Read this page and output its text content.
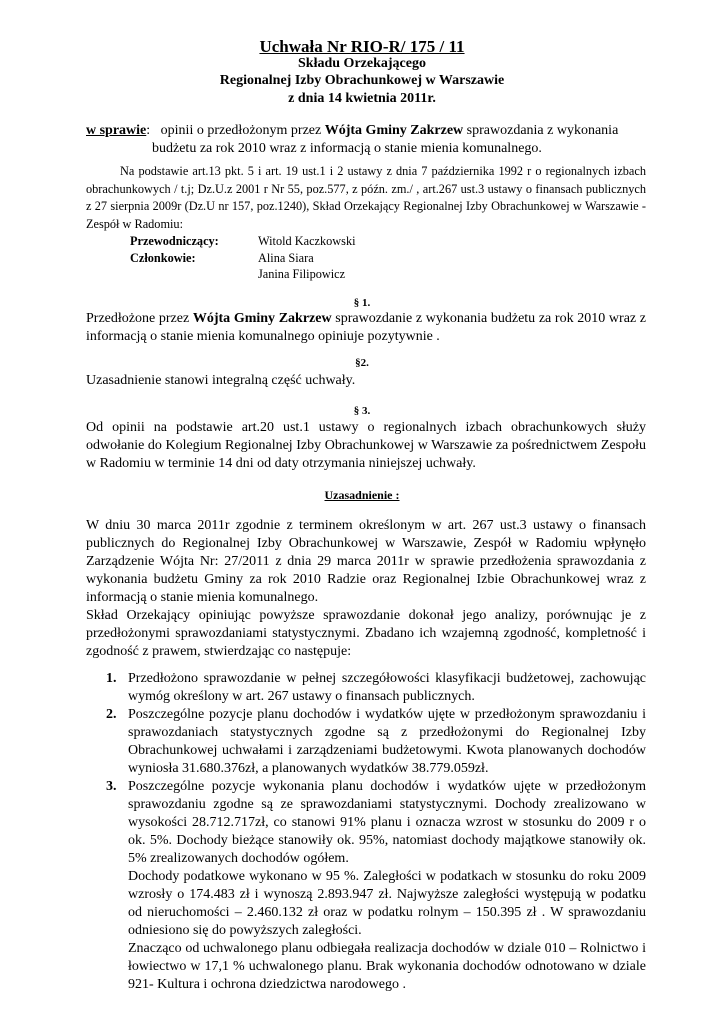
Uchwała Nr RIO-R/ 175 / 11
Składu Orzekającego
Regionalnej Izby Obrachunkowej w Warszawie
z dnia 14 kwietnia 2011r.
w sprawie:   opinii o przedłożonym przez Wójta Gminy Zakrzew sprawozdania z wykonania
budżetu za rok 2010 wraz z informacją o stanie mienia komunalnego.
Na podstawie art.13 pkt. 5 i art. 19 ust.1 i 2 ustawy z dnia 7 października 1992 r o regionalnych izbach obrachunkowych / t.j; Dz.U.z 2001 r Nr 55, poz.577, z późn. zm./ , art.267 ust.3 ustawy o finansach publicznych z 27 sierpnia 2009r (Dz.U nr 157, poz.1240), Skład Orzekający Regionalnej Izby Obrachunkowej w Warszawie - Zespół w Radomiu:
Przewodniczący:	Witold Kaczkowski
Członkowie:	Alina Siara
Janina Filipowicz
§ 1.
Przedłożone przez Wójta Gminy Zakrzew sprawozdanie z wykonania budżetu za rok 2010 wraz z informacją o stanie mienia komunalnego opiniuje pozytywnie .
§2.
Uzasadnienie stanowi integralną część uchwały.
§ 3.
Od opinii na podstawie art.20 ust.1 ustawy o regionalnych izbach obrachunkowych służy odwołanie do Kolegium Regionalnej Izby Obrachunkowej w Warszawie za pośrednictwem Zespołu w Radomiu w terminie 14 dni od daty otrzymania niniejszej uchwały.
Uzasadnienie :
W dniu 30 marca 2011r zgodnie z terminem określonym w art. 267 ust.3 ustawy o finansach publicznych do Regionalnej Izby Obrachunkowej w Warszawie, Zespół w Radomiu wpłynęło Zarządzenie Wójta Nr: 27/2011 z dnia 29 marca 2011r w sprawie przedłożenia sprawozdania z wykonania budżetu Gminy za rok 2010 Radzie oraz Regionalnej Izbie Obrachunkowej wraz z informacją o stanie mienia komunalnego.
Skład Orzekający opiniując powyższe sprawozdanie dokonał jego analizy, porównując je z przedłożonymi sprawozdaniami statystycznymi. Zbadano ich wzajemną zgodność, kompletność i zgodność z prawem, stwierdzając co następuje:
1. Przedłożono sprawozdanie w pełnej szczegółowości klasyfikacji budżetowej, zachowując wymóg określony w art. 267 ustawy o finansach publicznych.
2. Poszczególne pozycje planu dochodów i wydatków ujęte w przedłożonym sprawozdaniu i sprawozdaniach statystycznych zgodne są z przedłożonymi do Regionalnej Izby Obrachunkowej uchwałami i zarządzeniami budżetowymi. Kwota planowanych dochodów wyniosła 31.680.376zł, a planowanych wydatków 38.779.059zł.
3. Poszczególne pozycje wykonania planu dochodów i wydatków ujęte w przedłożonym sprawozdaniu zgodne są ze sprawozdaniami statystycznymi. Dochody zrealizowano w wysokości 28.712.717zł, co stanowi 91% planu i oznacza wzrost w stosunku do 2009 r o ok. 5%. Dochody bieżące stanowiły ok. 95%, natomiast dochody majątkowe stanowiły ok. 5% zrealizowanych dochodów ogółem.
Dochody podatkowe wykonano w 95 %. Zaległości w podatkach w stosunku do roku 2009 wzrosły o 174.483 zł i wynoszą 2.893.947 zł. Najwyższe zaległości występują w podatku od nieruchomości – 2.460.132 zł oraz w podatku rolnym – 150.395 zł . W sprawozdaniu odniesiono się do powyższych zaległości.
Znacząco od uchwalonego planu odbiegała realizacja dochodów w dziale 010 – Rolnictwo i łowiectwo w 17,1 % uchwalonego planu. Brak wykonania dochodów odnotowano w dziale 921- Kultura i ochrona dziedzictwa narodowego .
